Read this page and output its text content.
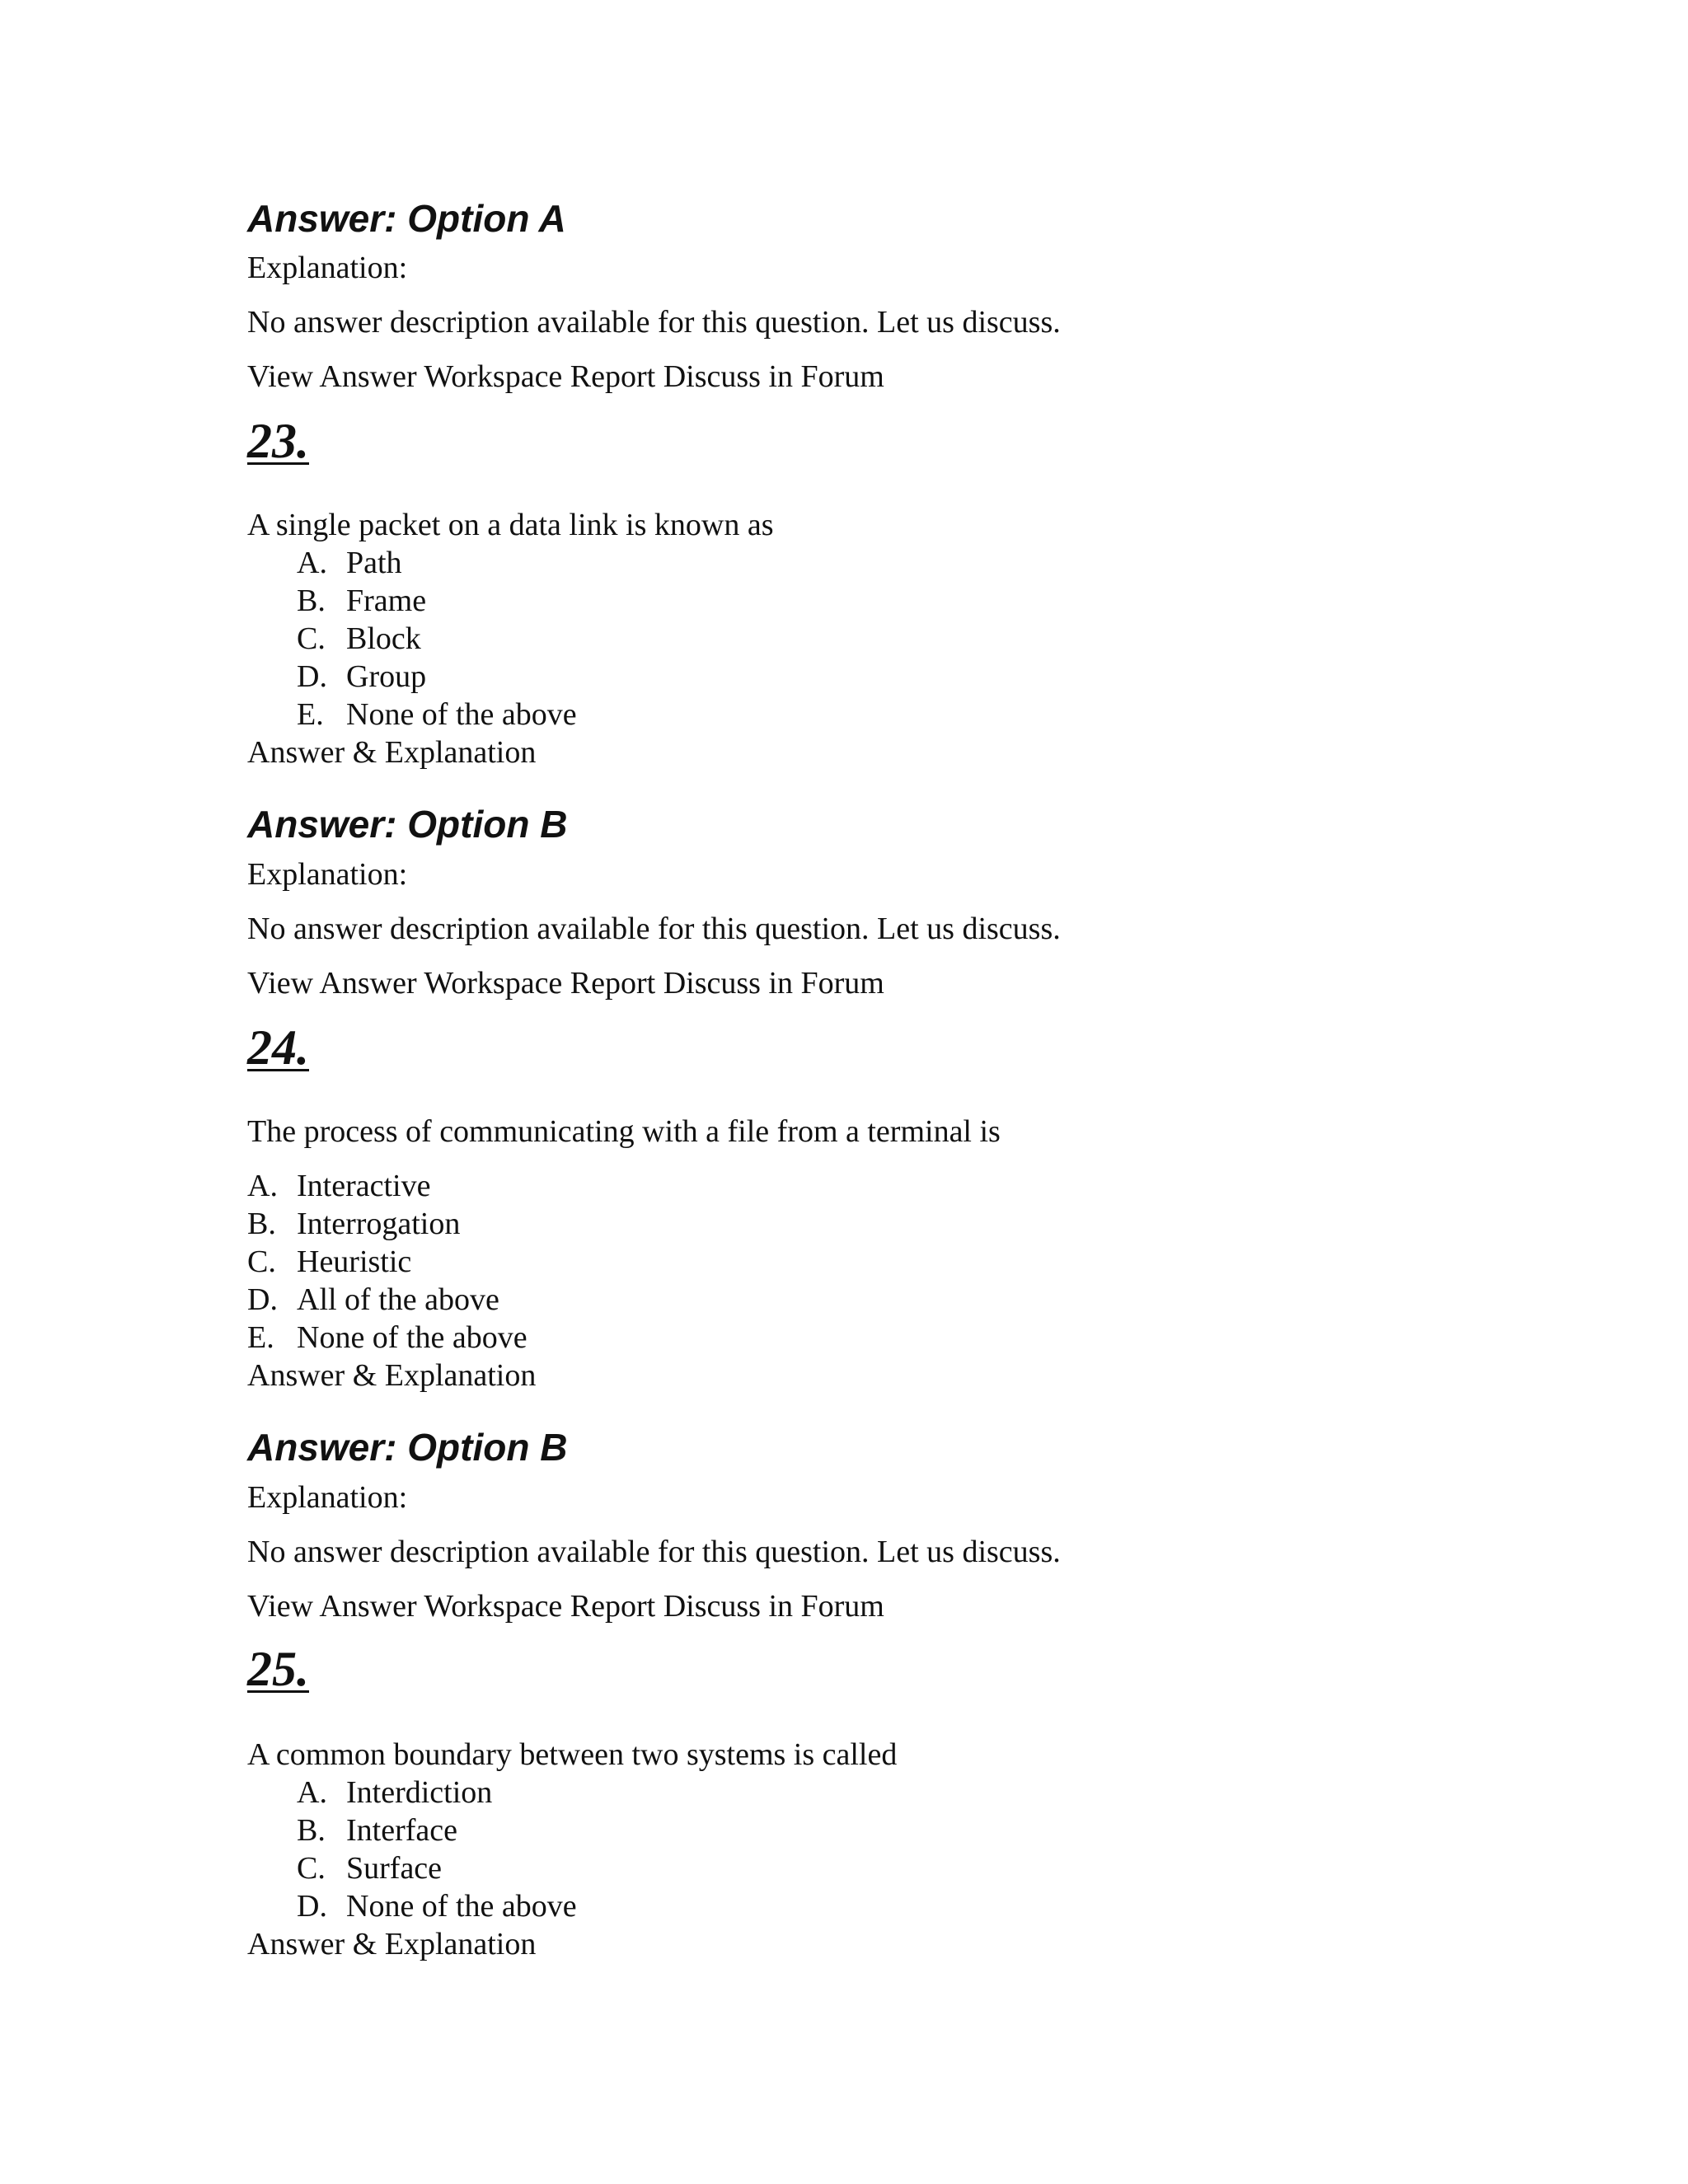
Answer: Option A
Explanation:
No answer description available for this question. Let us discuss.
View Answer Workspace Report Discuss in Forum
23.
A single packet on a data link is known as
A. Path
B. Frame
C. Block
D. Group
E. None of the above
Answer & Explanation
Answer: Option B
Explanation:
No answer description available for this question. Let us discuss.
View Answer Workspace Report Discuss in Forum
24.
The process of communicating with a file from a terminal is
A. Interactive
B. Interrogation
C. Heuristic
D. All of the above
E. None of the above
Answer & Explanation
Answer: Option B
Explanation:
No answer description available for this question. Let us discuss.
View Answer Workspace Report Discuss in Forum
25.
A common boundary between two systems is called
A. Interdiction
B. Interface
C. Surface
D. None of the above
Answer & Explanation
